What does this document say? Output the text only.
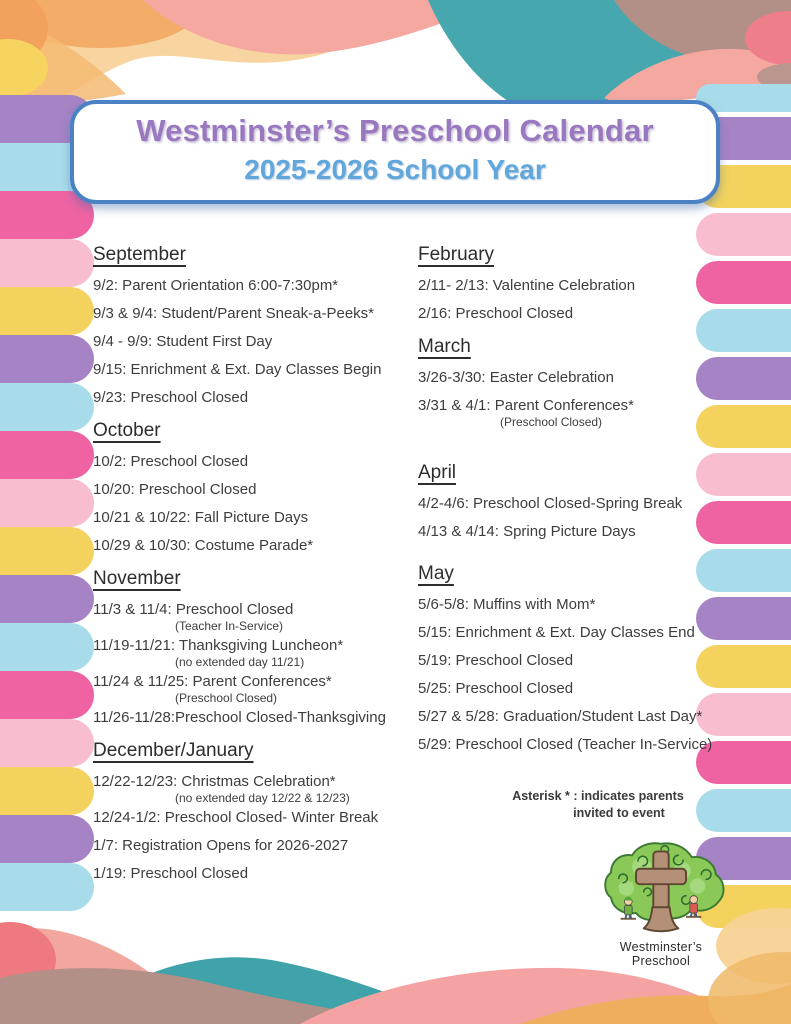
Westminster’s Preschool Calendar
2025-2026 School Year
September
9/2: Parent Orientation 6:00-7:30pm*
9/3 & 9/4: Student/Parent Sneak-a-Peeks*
9/4 - 9/9: Student First Day
9/15: Enrichment & Ext. Day Classes Begin
9/23: Preschool Closed
October
10/2: Preschool Closed
10/20: Preschool Closed
10/21 & 10/22: Fall Picture Days
10/29 & 10/30: Costume Parade*
November
11/3 & 11/4: Preschool Closed
(Teacher In-Service)
11/19-11/21: Thanksgiving Luncheon*
(no extended day 11/21)
11/24 & 11/25: Parent Conferences*
(Preschool Closed)
11/26-11/28:Preschool Closed-Thanksgiving
December/January
12/22-12/23: Christmas Celebration*
(no extended day 12/22 & 12/23)
12/24-1/2: Preschool Closed- Winter Break
1/7: Registration Opens for 2026-2027
1/19: Preschool Closed
February
2/11- 2/13: Valentine Celebration
2/16: Preschool Closed
March
3/26-3/30: Easter Celebration
3/31 & 4/1: Parent Conferences*
(Preschool Closed)
April
4/2-4/6: Preschool Closed-Spring Break
4/13 & 4/14: Spring Picture Days
May
5/6-5/8: Muffins with Mom*
5/15: Enrichment & Ext. Day Classes End
5/19: Preschool Closed
5/25: Preschool Closed
5/27 & 5/28: Graduation/Student Last Day*
5/29: Preschool Closed (Teacher In-Service)
Asterisk * : indicates parents
invited to event
Westminster’s Preschool
